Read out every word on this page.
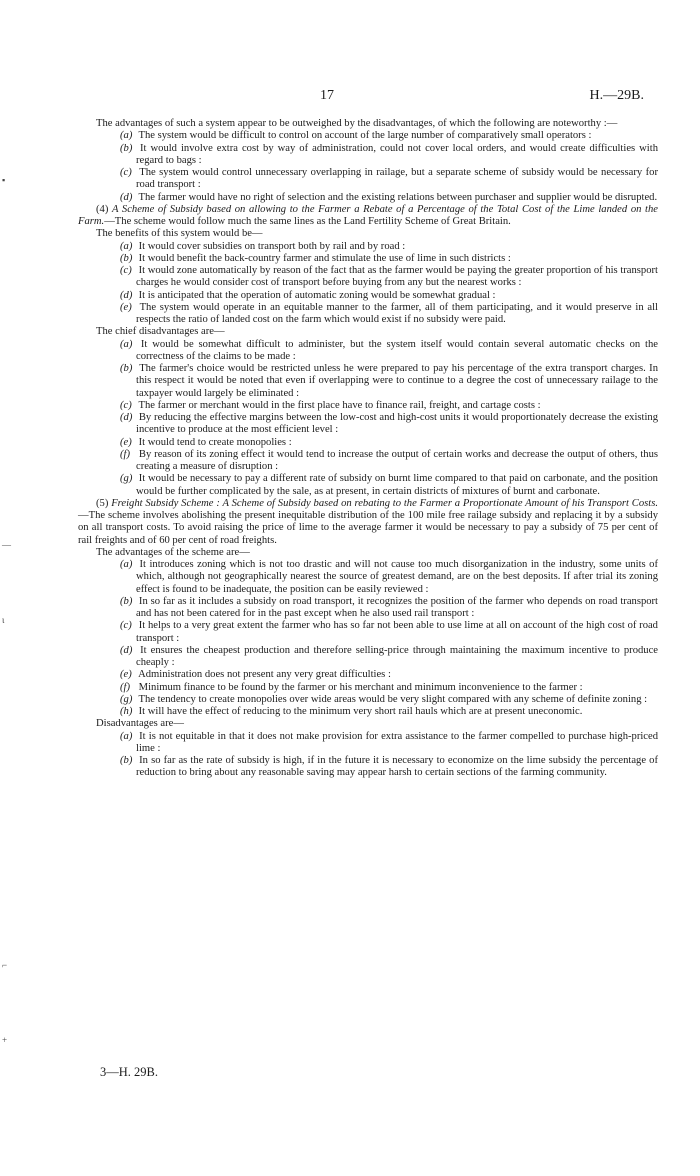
17	H.—29B.

The advantages of such a system appear to be outweighed by the disadvantages, of which the following are noteworthy :—

(a) The system would be difficult to control on account of the large number of comparatively small operators :

(b) It would involve extra cost by way of administration, could not cover local orders, and would create difficulties with regard to bags :

(c) The system would control unnecessary overlapping in railage, but a separate scheme of subsidy would be necessary for road transport :

(d) The farmer would have no right of selection and the existing relations between purchaser and supplier would be disrupted.

(4) A Scheme of Subsidy based on allowing to the Farmer a Rebate of a Percentage of the Total Cost of the Lime landed on the Farm.—The scheme would follow much the same lines as the Land Fertility Scheme of Great Britain.

The benefits of this system would be—

(a) It would cover subsidies on transport both by rail and by road :

(b) It would benefit the back-country farmer and stimulate the use of lime in such districts :

(c) It would zone automatically by reason of the fact that as the farmer would be paying the greater proportion of his transport charges he would consider cost of transport before buying from any but the nearest works :

(d) It is anticipated that the operation of automatic zoning would be somewhat gradual :

(e) The system would operate in an equitable manner to the farmer, all of them participating, and it would preserve in all respects the ratio of landed cost on the farm which would exist if no subsidy were paid.

The chief disadvantages are—

(a) It would be somewhat difficult to administer, but the system itself would contain several automatic checks on the correctness of the claims to be made :

(b) The farmer's choice would be restricted unless he were prepared to pay his percentage of the extra transport charges. In this respect it would be noted that even if overlapping were to continue to a degree the cost of unnecessary railage to the taxpayer would largely be eliminated :

(c) The farmer or merchant would in the first place have to finance rail, freight, and cartage costs :

(d) By reducing the effective margins between the low-cost and high-cost units it would proportionately decrease the existing incentive to produce at the most efficient level :

(e) It would tend to create monopolies :

(f) By reason of its zoning effect it would tend to increase the output of certain works and decrease the output of others, thus creating a measure of disruption :

(g) It would be necessary to pay a different rate of subsidy on burnt lime compared to that paid on carbonate, and the position would be further complicated by the sale, as at present, in certain districts of mixtures of burnt and carbonate.

(5) Freight Subsidy Scheme : A Scheme of Subsidy based on rebating to the Farmer a Proportionate Amount of his Transport Costs.—The scheme involves abolishing the present inequitable distribution of the 100 mile free railage subsidy and replacing it by a subsidy on all transport costs. To avoid raising the price of lime to the average farmer it would be necessary to pay a subsidy of 75 per cent of rail freights and of 60 per cent of road freights.

The advantages of the scheme are—

(a) It introduces zoning which is not too drastic and will not cause too much disorganization in the industry, some units of which, although not geographically nearest the source of greatest demand, are on the best deposits. If after trial its zoning effect is found to be inadequate, the position can be easily reviewed :

(b) In so far as it includes a subsidy on road transport, it recognizes the position of the farmer who depends on road transport and has not been catered for in the past except when he also used rail transport :

(c) It helps to a very great extent the farmer who has so far not been able to use lime at all on account of the high cost of road transport :

(d) It ensures the cheapest production and therefore selling-price through maintaining the maximum incentive to produce cheaply :

(e) Administration does not present any very great difficulties :

(f) Minimum finance to be found by the farmer or his merchant and minimum inconvenience to the farmer :

(g) The tendency to create monopolies over wide areas would be very slight compared with any scheme of definite zoning :

(h) It will have the effect of reducing to the minimum very short rail hauls which are at present uneconomic.

Disadvantages are—

(a) It is not equitable in that it does not make provision for extra assistance to the farmer compelled to purchase high-priced lime :

(b) In so far as the rate of subsidy is high, if in the future it is necessary to economize on the lime subsidy the percentage of reduction to bring about any reasonable saving may appear harsh to certain sections of the farming community.

3—H. 29B.
▪
—
ι
⌐
+
